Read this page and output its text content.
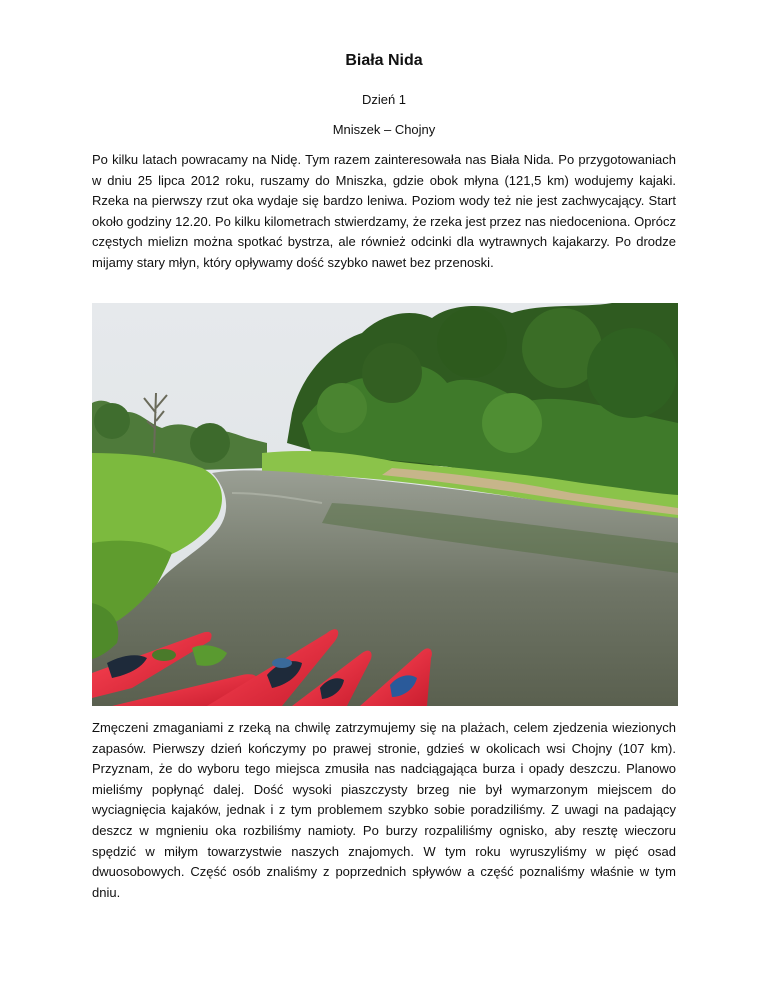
Biała Nida
Dzień 1
Mniszek – Chojny

Po kilku latach powracamy na Nidę. Tym razem zainteresowała nas Biała Nida. Po przygotowaniach w dniu 25 lipca 2012 roku, ruszamy do Mniszka, gdzie obok młyna (121,5 km) wodujemy kajaki. Rzeka na pierwszy rzut oka wydaje się bardzo leniwa. Poziom wody też nie jest zachwycający. Start około godziny 12.20. Po kilku kilometrach stwierdzamy, że rzeka jest przez nas niedoceniona. Oprócz częstych mielizn można spotkać bystrza, ale również odcinki dla wytrawnych kajakarzy. Po drodze mijamy stary młyn, który opływamy dość szybko nawet bez przenoski.

Zmęczeni zmaganiami z rzeką na chwilę zatrzymujemy się na plażach, celem zjedzenia wiezionych zapasów. Pierwszy dzień kończymy po prawej stronie, gdzieś w okolicach wsi Chojny (107 km). Przyznam, że do wyboru tego miejsca zmusiła nas nadciągająca burza i opady deszczu. Planowo mieliśmy popłynąć dalej. Dość wysoki piaszczysty brzeg nie był wymarzonym miejscem do wyciagnięcia kajaków, jednak i z tym problemem szybko sobie poradziliśmy. Z uwagi na padający deszcz w mgnieniu oka rozbiliśmy namioty. Po burzy rozpaliliśmy ognisko, aby resztę wieczoru spędzić w miłym towarzystwie naszych znajomych. W tym roku wyruszyliśmy w pięć osad dwuosobowych. Część osób znaliśmy z poprzednich spływów a część poznaliśmy właśnie w tym dniu.
